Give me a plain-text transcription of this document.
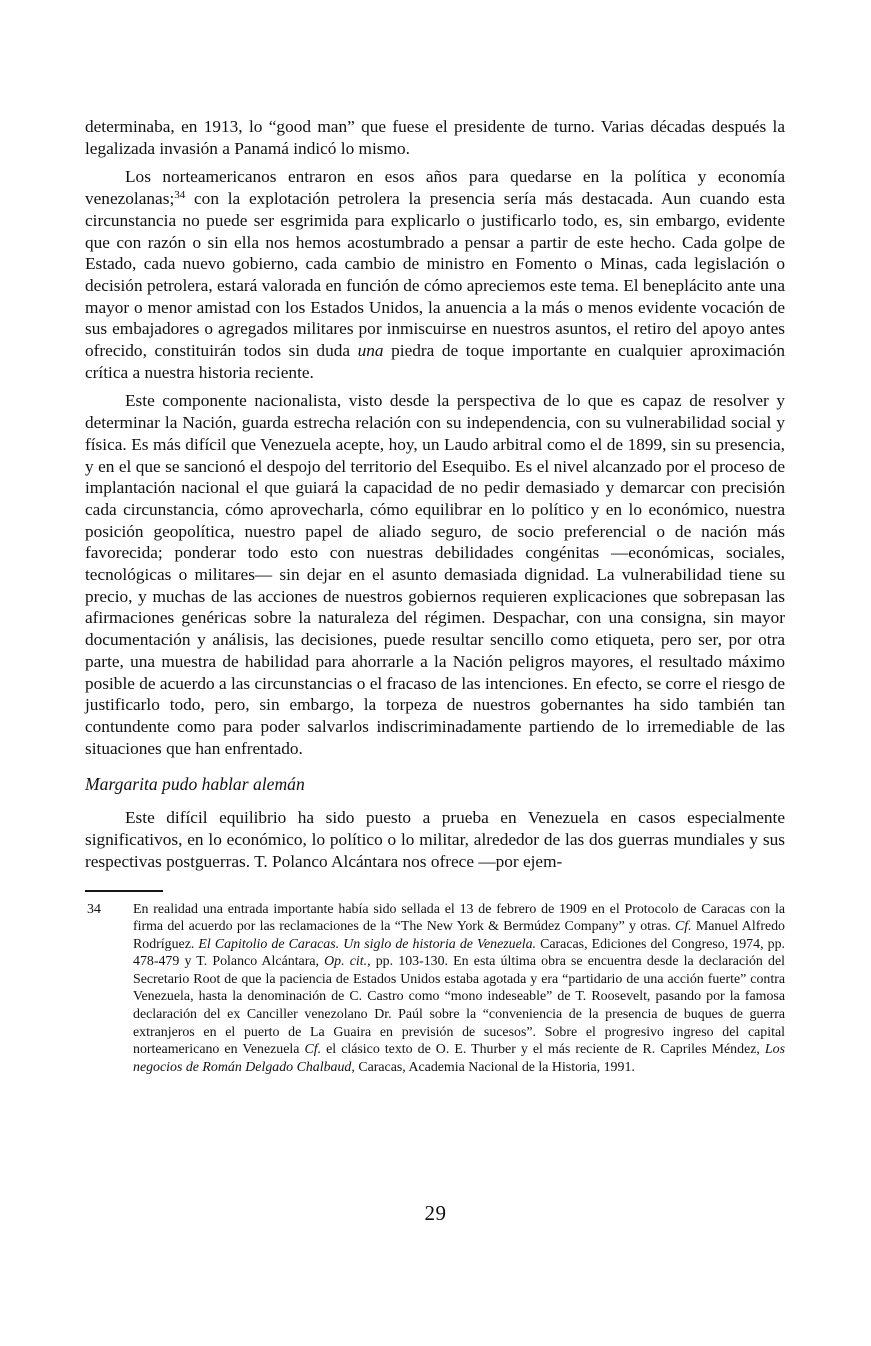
determinaba, en 1913, lo “good man” que fuese el presidente de turno. Varias décadas después la legalizada invasión a Panamá indicó lo mismo.

Los norteamericanos entraron en esos años para quedarse en la política y economía venezolanas;$^{34}$ con la explotación petrolera la presencia sería más destacada. Aun cuando esta circunstancia no puede ser esgrimida para explicarlo o justificarlo todo, es, sin embargo, evidente que con razón o sin ella nos hemos acostumbrado a pensar a partir de este hecho. Cada golpe de Estado, cada nuevo gobierno, cada cambio de ministro en Fomento o Minas, cada legislación o decisión petrolera, estará valorada en función de cómo apreciemos este tema. El beneplácito ante una mayor o menor amistad con los Estados Unidos, la anuencia a la más o menos evidente vocación de sus embajadores o agregados militares por inmiscuirse en nuestros asuntos, el retiro del apoyo antes ofrecido, constituirán todos sin duda una piedra de toque importante en cualquier aproximación crítica a nuestra historia reciente.

Este componente nacionalista, visto desde la perspectiva de lo que es capaz de resolver y determinar la Nación, guarda estrecha relación con su independencia, con su vulnerabilidad social y física. Es más difícil que Venezuela acepte, hoy, un Laudo arbitral como el de 1899, sin su presencia, y en el que se sancionó el despojo del territorio del Esequibo. Es el nivel alcanzado por el proceso de implantación nacional el que guiará la capacidad de no pedir demasiado y demarcar con precisión cada circunstancia, cómo aprovecharla, cómo equilibrar en lo político y en lo económico, nuestra posición geopolítica, nuestro papel de aliado seguro, de socio preferencial o de nación más favorecida; ponderar todo esto con nuestras debilidades congénitas —económicas, sociales, tecnológicas o militares— sin dejar en el asunto demasiada dignidad. La vulnerabilidad tiene su precio, y muchas de las acciones de nuestros gobiernos requieren explicaciones que sobrepasan las afirmaciones genéricas sobre la naturaleza del régimen. Despachar, con una consigna, sin mayor documentación y análisis, las decisiones, puede resultar sencillo como etiqueta, pero ser, por otra parte, una muestra de habilidad para ahorrarle a la Nación peligros mayores, el resultado máximo posible de acuerdo a las circunstancias o el fracaso de las intenciones. En efecto, se corre el riesgo de justificarlo todo, pero, sin embargo, la torpeza de nuestros gobernantes ha sido también tan contundente como para poder salvarlos indiscriminadamente partiendo de lo irremediable de las situaciones que han enfrentado.

Margarita pudo hablar alemán

Este difícil equilibrio ha sido puesto a prueba en Venezuela en casos especialmente significativos, en lo económico, lo político o lo militar, alrededor de las dos guerras mundiales y sus respectivas postguerras. T. Polanco Alcántara nos ofrece —por ejem-

34 En realidad una entrada importante había sido sellada el 13 de febrero de 1909 en el Protocolo de Caracas con la firma del acuerdo por las reclamaciones de la “The New York & Bermúdez Company” y otras. Cf. Manuel Alfredo Rodríguez. El Capitolio de Caracas. Un siglo de historia de Venezuela. Caracas, Ediciones del Congreso, 1974, pp. 478-479 y T. Polanco Alcántara, Op. cit., pp. 103-130. En esta última obra se encuentra desde la declaración del Secretario Root de que la paciencia de Estados Unidos estaba agotada y era “partidario de una acción fuerte” contra Venezuela, hasta la denominación de C. Castro como “mono indeseable” de T. Roosevelt, pasando por la famosa declaración del ex Canciller venezolano Dr. Paúl sobre la “conveniencia de la presencia de buques de guerra extranjeros en el puerto de La Guaira en previsión de sucesos”. Sobre el progresivo ingreso del capital norteamericano en Venezuela Cf. el clásico texto de O. E. Thurber y el más reciente de R. Capriles Méndez, Los negocios de Román Delgado Chalbaud, Caracas, Academia Nacional de la Historia, 1991.
29
